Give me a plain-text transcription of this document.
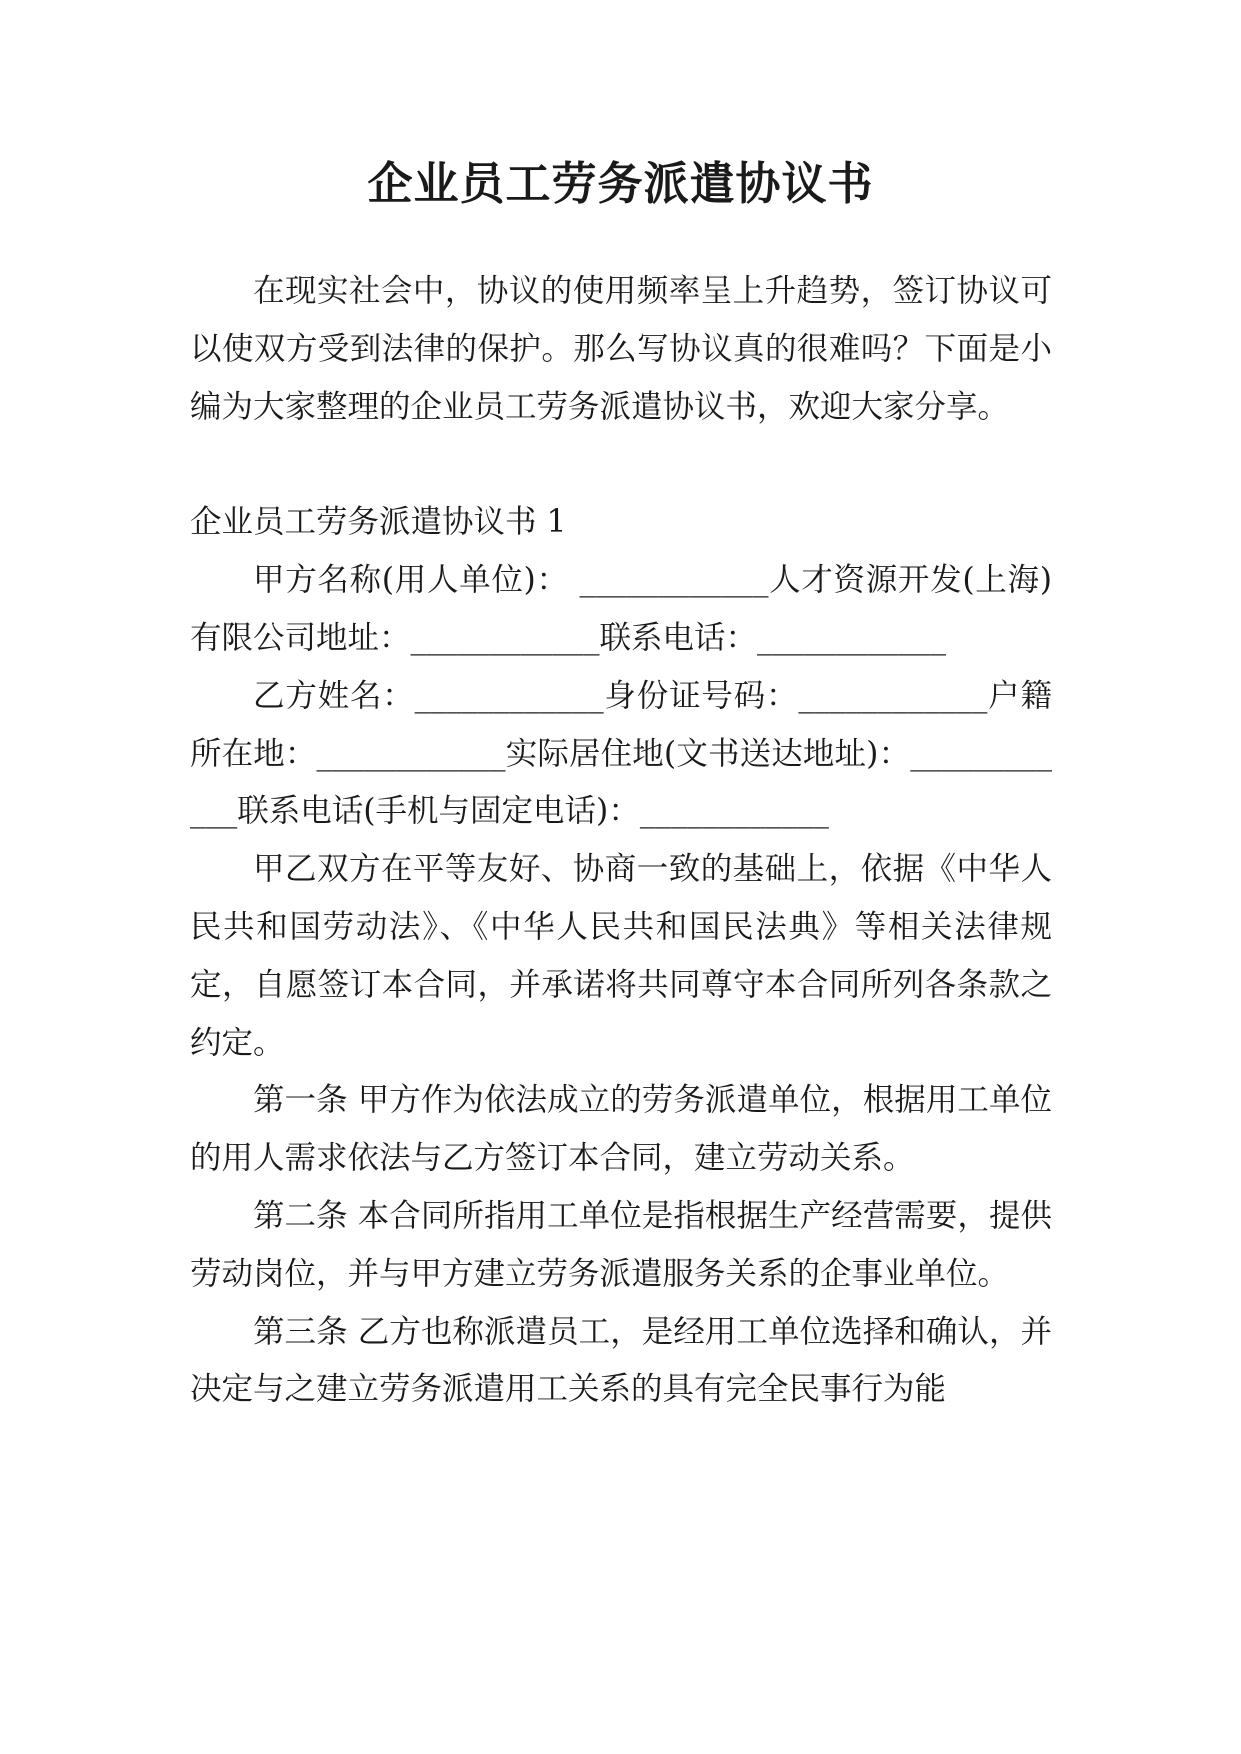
企业员工劳务派遣协议书

在现实社会中，协议的使用频率呈上升趋势，签订协议可以使双方受到法律的保护。那么写协议真的很难吗？下面是小编为大家整理的企业员工劳务派遣协议书，欢迎大家分享。

企业员工劳务派遣协议书 1

甲方名称(用人单位)： ____________人才资源开发(上海)有限公司地址：____________联系电话：____________

乙方姓名：____________身份证号码：____________户籍所在地：____________实际居住地(文书送达地址)：____________联系电话(手机与固定电话)：____________

甲乙双方在平等友好、协商一致的基础上，依据《中华人民共和国劳动法》、《中华人民共和国民法典》等相关法律规定，自愿签订本合同，并承诺将共同尊守本合同所列各条款之约定。

第一条 甲方作为依法成立的劳务派遣单位，根据用工单位的用人需求依法与乙方签订本合同，建立劳动关系。

第二条 本合同所指用工单位是指根据生产经营需要，提供劳动岗位，并与甲方建立劳务派遣服务关系的企事业单位。

第三条 乙方也称派遣员工，是经用工单位选择和确认，并决定与之建立劳务派遣用工关系的具有完全民事行为能
